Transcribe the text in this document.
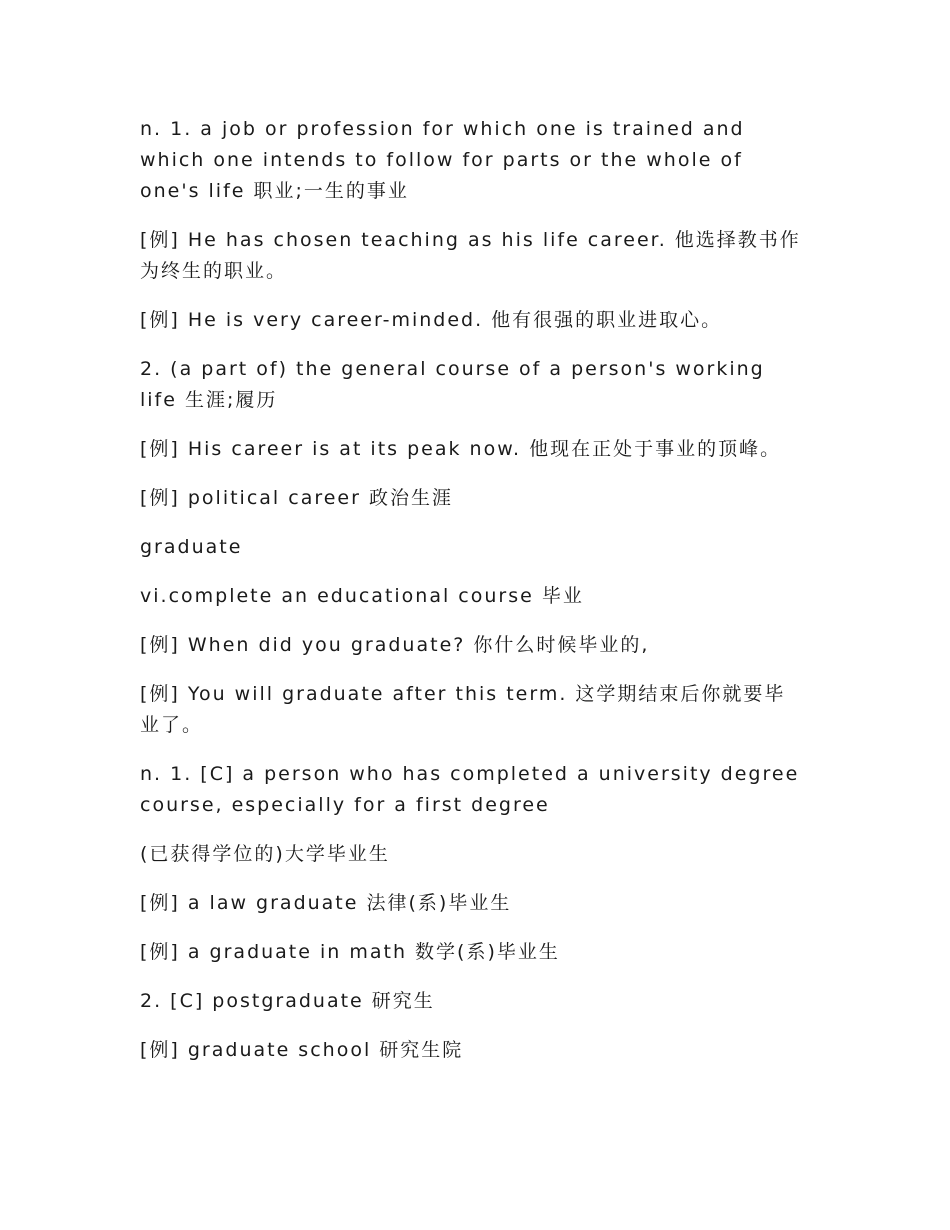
n. 1. a job or profession for which one is trained and which one intends to follow for parts or the whole of one's life 职业;一生的事业

[例] He has chosen teaching as his life career. 他选择教书作为终生的职业。

[例] He is very career-minded. 他有很强的职业进取心。

2. (a part of) the general course of a person's working life 生涯;履历

[例] His career is at its peak now. 他现在正处于事业的顶峰。

[例] political career 政治生涯

graduate

vi.complete an educational course 毕业

[例] When did you graduate? 你什么时候毕业的,

[例] You will graduate after this term. 这学期结束后你就要毕业了。

n. 1. [C] a person who has completed a university degree course, especially for a first degree

(已获得学位的)大学毕业生

[例] a law graduate 法律(系)毕业生

[例] a graduate in math 数学(系)毕业生

2. [C] postgraduate 研究生

[例] graduate school 研究生院
